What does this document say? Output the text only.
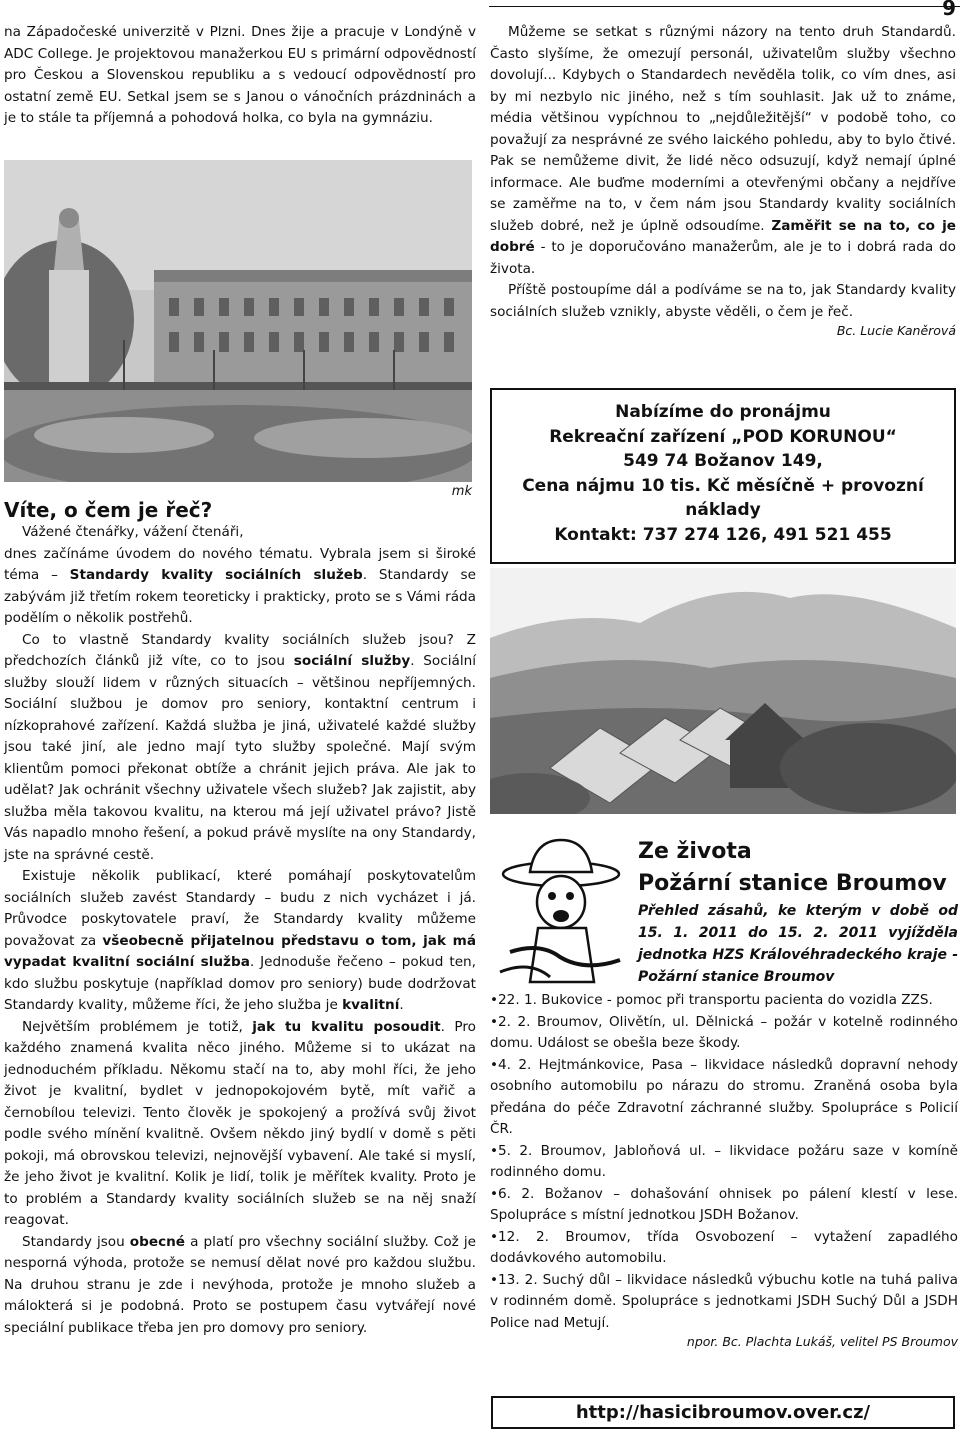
9

na Západočeské univerzitě v Plzni. Dnes žije a pracuje v Londýně v ADC College. Je projektovou manažerkou EU s primární odpovědností pro Českou a Slovenskou republiku a s vedoucí odpovědností pro ostatní země EU. Setkal jsem se s Janou o vánočních prázdninách a je to stále ta příjemná a pohodová holka, co byla na gymnáziu.

mk
Víte, o čem je řeč?

Vážené čtenářky, vážení čtenáři,

dnes začínáme úvodem do nového tématu. Vybrala jsem si široké téma – Standardy kvality sociálních služeb. Standardy se zabývám již třetím rokem teoreticky i prakticky, proto se s Vámi ráda podělím o několik postřehů.

Co to vlastně Standardy kvality sociálních služeb jsou? Z předchozích článků již víte, co to jsou sociální služby. Sociální služby slouží lidem v různých situacích – většinou nepříjemných. Sociální službou je domov pro seniory, kontaktní centrum i nízkoprahové zařízení. Každá služba je jiná, uživatelé každé služby jsou také jiní, ale jedno mají tyto služby společné. Mají svým klientům pomoci překonat obtíže a chránit jejich práva. Ale jak to udělat? Jak ochránit všechny uživatele všech služeb? Jak zajistit, aby služba měla takovou kvalitu, na kterou má její uživatel právo? Jistě Vás napadlo mnoho řešení, a pokud právě myslíte na ony Standardy, jste na správné cestě.

Existuje několik publikací, které pomáhají poskytovatelům sociálních služeb zavést Standardy – budu z nich vycházet i já. Průvodce poskytovatele praví, že Standardy kvality můžeme považovat za všeobecně přijatelnou představu o tom, jak má vypadat kvalitní sociální služba. Jednoduše řečeno – pokud ten, kdo službu poskytuje (například domov pro seniory) bude dodržovat Standardy kvality, můžeme říci, že jeho služba je kvalitní.

Největším problémem je totiž, jak tu kvalitu posoudit. Pro každého znamená kvalita něco jiného. Můžeme si to ukázat na jednoduchém příkladu. Někomu stačí na to, aby mohl říci, že jeho život je kvalitní, bydlet v jednopokojovém bytě, mít vařič a černobílou televizi. Tento člověk je spokojený a prožívá svůj život podle svého mínění kvalitně. Ovšem někdo jiný bydlí v domě s pěti pokoji, má obrovskou televizi, nejnovější vybavení. Ale také si myslí, že jeho život je kvalitní. Kolik je lidí, tolik je měřítek kvality. Proto je to problém a Standardy kvality sociálních služeb se na něj snaží reagovat.

Standardy jsou obecné a platí pro všechny sociální služby. Což je nesporná výhoda, protože se nemusí dělat nové pro každou službu. Na druhou stranu je zde i nevýhoda, protože je mnoho služeb a málokterá si je podobná. Proto se postupem času vytvářejí nové speciální publikace třeba jen pro domovy pro seniory.

Můžeme se setkat s různými názory na tento druh Standardů. Často slyšíme, že omezují personál, uživatelům služby všechno dovolují... Kdybych o Standardech nevěděla tolik, co vím dnes, asi by mi nezbylo nic jiného, než s tím souhlasit. Jak už to známe, média většinou vypíchnou to „nejdůležitější“ v podobě toho, co považují za nesprávné ze svého laického pohledu, aby to bylo čtivé. Pak se nemůžeme divit, že lidé něco odsuzují, když nemají úplné informace. Ale buďme moderními a otevřenými občany a nejdříve se zaměřme na to, v čem nám jsou Standardy kvality sociálních služeb dobré, než je úplně odsoudíme. Zaměřit se na to, co je dobré - to je doporučováno manažerům, ale je to i dobrá rada do života.

Příště postoupíme dál a podíváme se na to, jak Standardy kvality sociálních služeb vznikly, abyste věděli, o čem je řeč.

Bc. Lucie Kaněrová
Nabízíme do pronájmu
Rekreační zařízení „POD KORUNOU“
549 74 Božanov 149,
Cena nájmu 10 tis. Kč měsíčně + provozní náklady
Kontakt: 737 274 126, 491 521 455
Ze života
Požární stanice Broumov
Přehled zásahů, ke kterým v době od 15. 1. 2011 do 15. 2. 2011 vyjížděla jednotka HZS Královéhradeckého kraje - Požární stanice Broumov

•22. 1. Bukovice - pomoc při transportu pacienta do vozidla ZZS.

•2. 2. Broumov, Olivětín, ul. Dělnická – požár v kotelně rodinného domu. Událost se obešla beze škody.

•4. 2. Hejtmánkovice, Pasa – likvidace následků dopravní nehody osobního automobilu po nárazu do stromu. Zraněná osoba byla předána do péče Zdravotní záchranné služby. Spolupráce s Policií ČR.

•5. 2. Broumov, Jabloňová ul. – likvidace požáru saze v komíně rodinného domu.

•6. 2. Božanov – dohašování ohnisek po pálení klestí v lese. Spolupráce s místní jednotkou JSDH Božanov.

•12. 2. Broumov, třída Osvobození – vytažení zapadlého dodávkového automobilu.

•13. 2. Suchý důl – likvidace následků výbuchu kotle na tuhá paliva v rodinném domě. Spolupráce s jednotkami JSDH Suchý Důl a JSDH Police nad Metují.

npor. Bc. Plachta Lukáš, velitel PS Broumov
http://hasicibroumov.over.cz/
